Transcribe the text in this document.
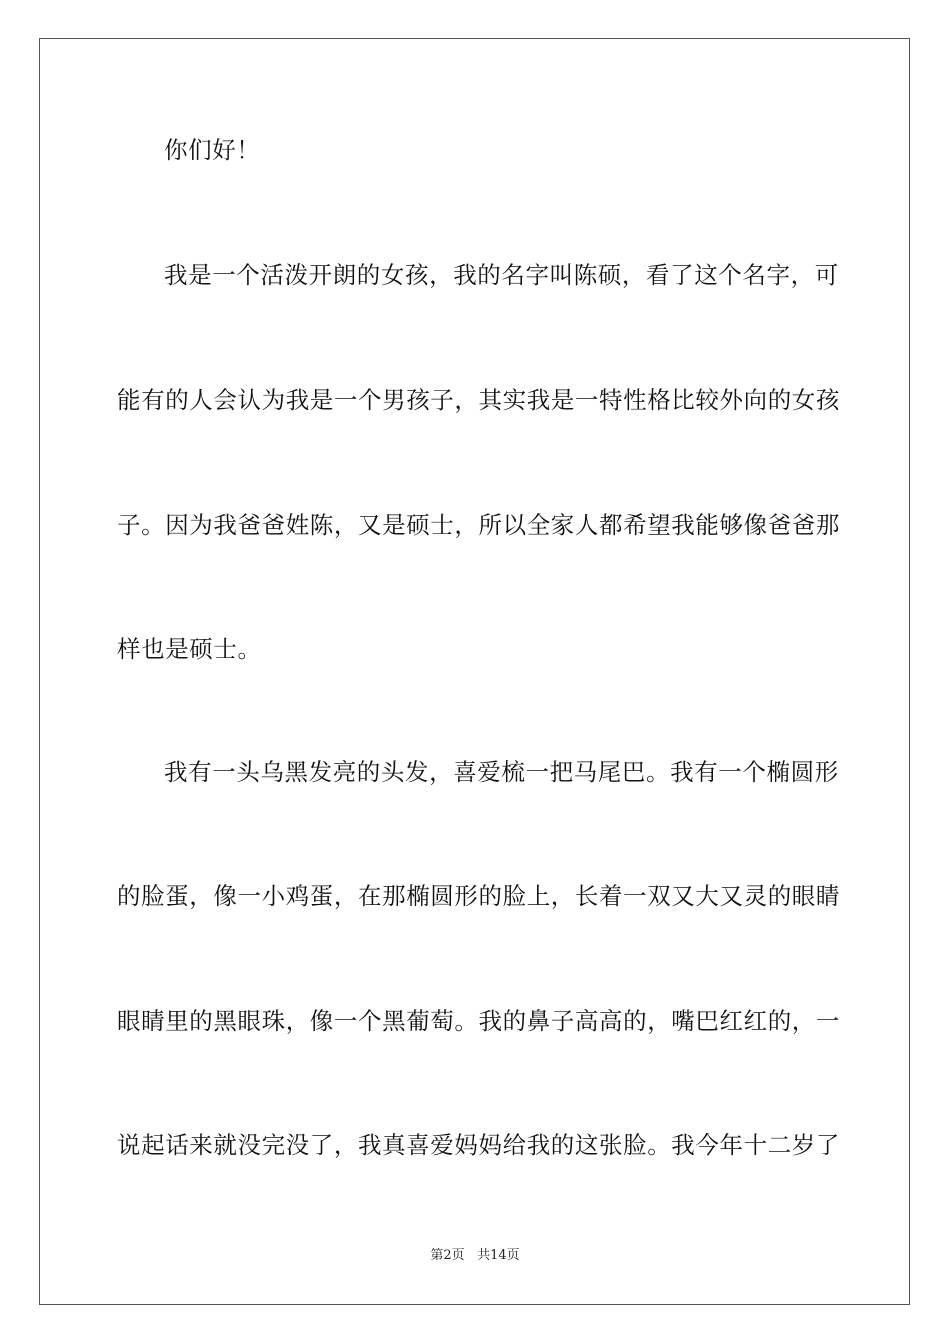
你们好！
我是一个活泼开朗的女孩，我的名字叫陈硕，看了这个名字，可
能有的人会认为我是一个男孩子，其实我是一特性格比较外向的女孩
子。因为我爸爸姓陈，又是硕士，所以全家人都希望我能够像爸爸那
样也是硕士。
我有一头乌黑发亮的头发，喜爱梳一把马尾巴。我有一个椭圆形
的脸蛋，像一小鸡蛋，在那椭圆形的脸上，长着一双又大又灵的眼睛
眼睛里的黑眼珠，像一个黑葡萄。我的鼻子高高的，嘴巴红红的，一
说起话来就没完没了，我真喜爱妈妈给我的这张脸。我今年十二岁了
第2页 共14页
